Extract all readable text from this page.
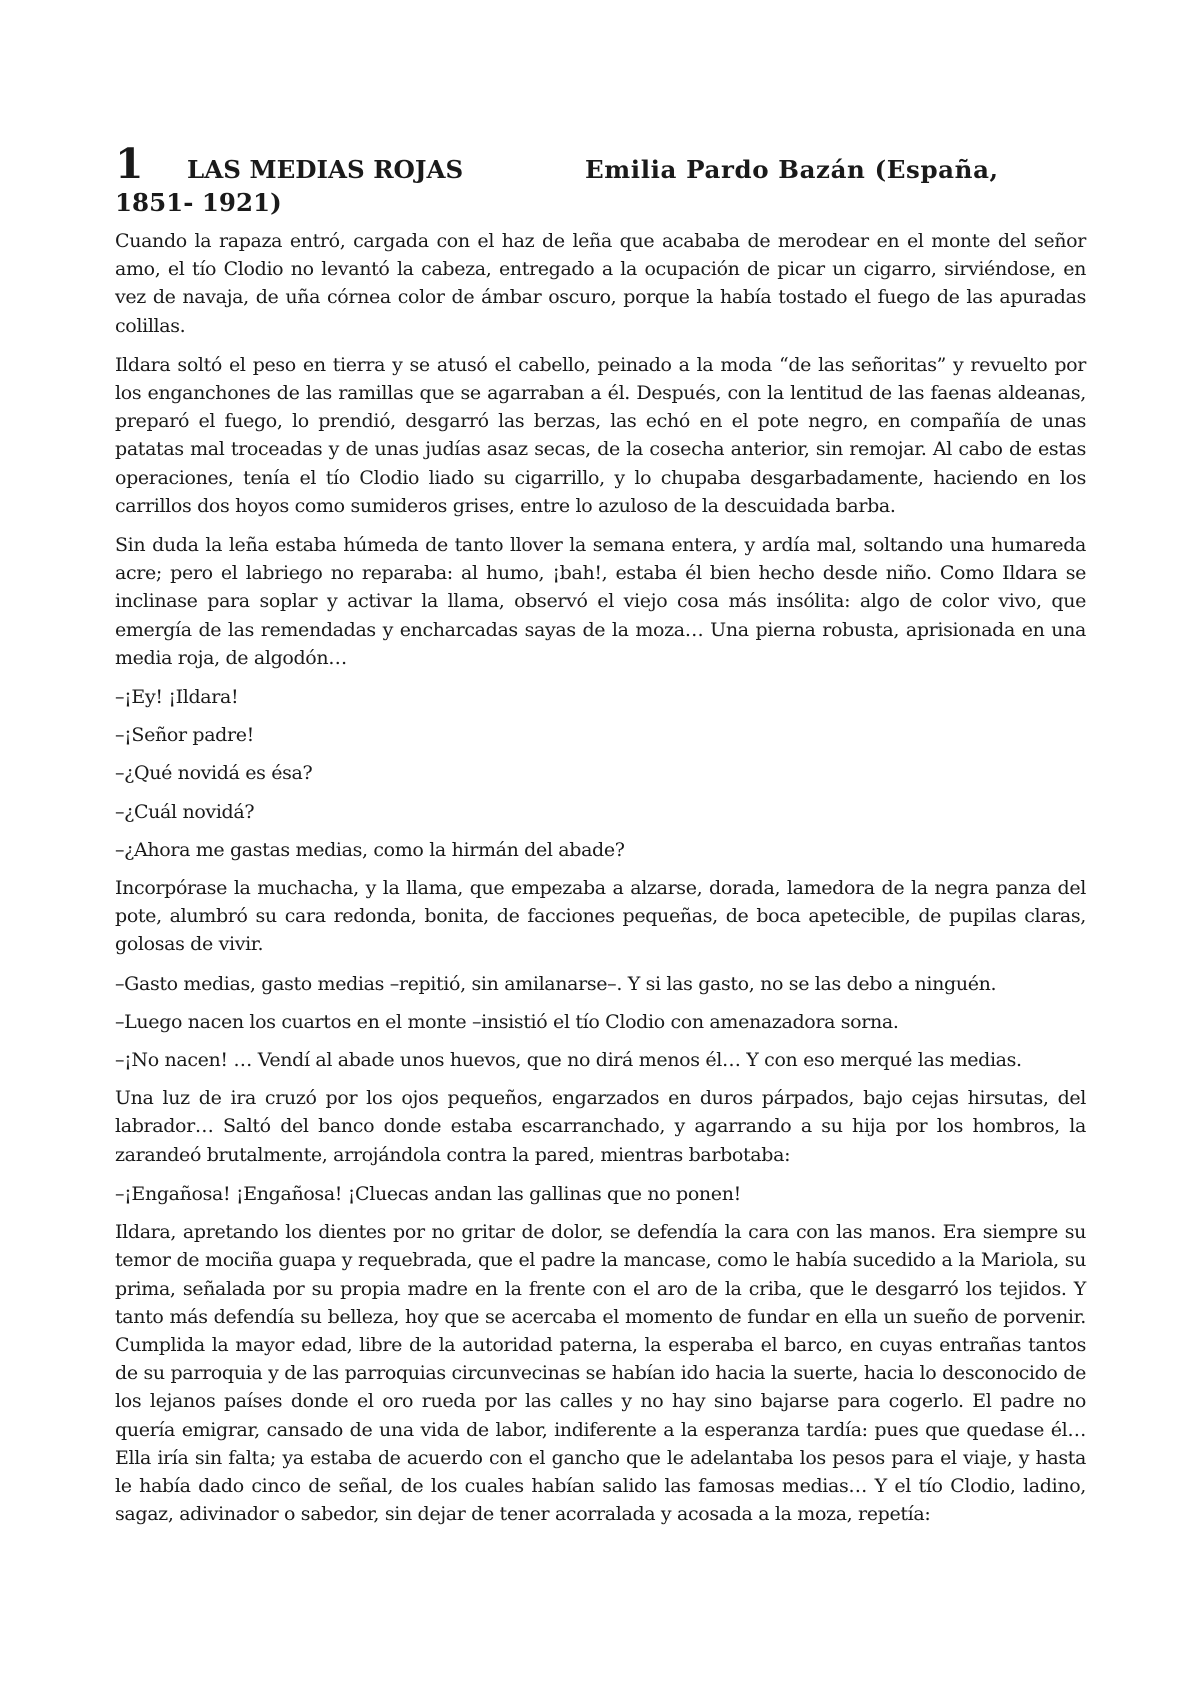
1 LAS MEDIAS ROJAS	Emilia Pardo Bazán (España,
1851- 1921)

Cuando la rapaza entró, cargada con el haz de leña que acababa de merodear en el monte del señor amo, el tío Clodio no levantó la cabeza, entregado a la ocupación de picar un cigarro, sirviéndose, en vez de navaja, de uña córnea color de ámbar oscuro, porque la había tostado el fuego de las apuradas colillas.

Ildara soltó el peso en tierra y se atusó el cabello, peinado a la moda “de las señoritas” y revuelto por los enganchones de las ramillas que se agarraban a él. Después, con la lentitud de las faenas aldeanas, preparó el fuego, lo prendió, desgarró las berzas, las echó en el pote negro, en compañía de unas patatas mal troceadas y de unas judías asaz secas, de la cosecha anterior, sin remojar. Al cabo de estas operaciones, tenía el tío Clodio liado su cigarrillo, y lo chupaba desgarbadamente, haciendo en los carrillos dos hoyos como sumideros grises, entre lo azuloso de la descuidada barba.

Sin duda la leña estaba húmeda de tanto llover la semana entera, y ardía mal, soltando una humareda acre; pero el labriego no reparaba: al humo, ¡bah!, estaba él bien hecho desde niño. Como Ildara se inclinase para soplar y activar la llama, observó el viejo cosa más insólita: algo de color vivo, que emergía de las remendadas y encharcadas sayas de la moza… Una pierna robusta, aprisionada en una media roja, de algodón…

–¡Ey! ¡Ildara!

–¡Señor padre!

–¿Qué novidá es ésa?

–¿Cuál novidá?

–¿Ahora me gastas medias, como la hirmán del abade?

Incorpórase la muchacha, y la llama, que empezaba a alzarse, dorada, lamedora de la negra panza del pote, alumbró su cara redonda, bonita, de facciones pequeñas, de boca apetecible, de pupilas claras, golosas de vivir.

–Gasto medias, gasto medias –repitió, sin amilanarse–. Y si las gasto, no se las debo a ninguén.

–Luego nacen los cuartos en el monte –insistió el tío Clodio con amenazadora sorna.

–¡No nacen! … Vendí al abade unos huevos, que no dirá menos él… Y con eso merqué las medias.

Una luz de ira cruzó por los ojos pequeños, engarzados en duros párpados, bajo cejas hirsutas, del labrador… Saltó del banco donde estaba escarranchado, y agarrando a su hija por los hombros, la zarandeó brutalmente, arrojándola contra la pared, mientras barbotaba:

–¡Engañosa! ¡Engañosa! ¡Cluecas andan las gallinas que no ponen!

Ildara, apretando los dientes por no gritar de dolor, se defendía la cara con las manos. Era siempre su temor de mociña guapa y requebrada, que el padre la mancase, como le había sucedido a la Mariola, su prima, señalada por su propia madre en la frente con el aro de la criba, que le desgarró los tejidos. Y tanto más defendía su belleza, hoy que se acercaba el momento de fundar en ella un sueño de porvenir. Cumplida la mayor edad, libre de la autoridad paterna, la esperaba el barco, en cuyas entrañas tantos de su parroquia y de las parroquias circunvecinas se habían ido hacia la suerte, hacia lo desconocido de los lejanos países donde el oro rueda por las calles y no hay sino bajarse para cogerlo. El padre no quería emigrar, cansado de una vida de labor, indiferente a la esperanza tardía: pues que quedase él… Ella iría sin falta; ya estaba de acuerdo con el gancho que le adelantaba los pesos para el viaje, y hasta le había dado cinco de señal, de los cuales habían salido las famosas medias… Y el tío Clodio, ladino, sagaz, adivinador o sabedor, sin dejar de tener acorralada y acosada a la moza, repetía:
